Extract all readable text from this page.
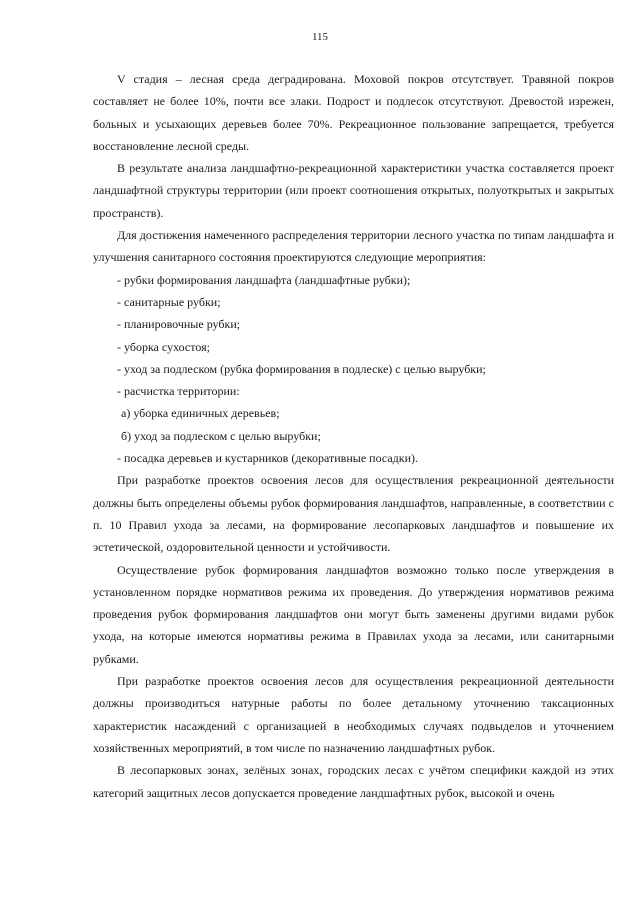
115

V стадия – лесная среда деградирована. Моховой покров отсутствует. Травяной покров составляет не более 10%, почти все злаки. Подрост и подлесок отсутствуют. Древостой изрежен, больных и усыхающих деревьев более 70%. Рекреационное пользование запрещается, требуется восстановление лесной среды.

В результате анализа ландшафтно-рекреационной характеристики участка составляется проект ландшафтной структуры территории (или проект соотношения открытых, полуоткрытых и закрытых пространств).

Для достижения намеченного распределения территории лесного участка по типам ландшафта и улучшения санитарного состояния проектируются следующие мероприятия:

- рубки формирования ландшафта (ландшафтные рубки);

- санитарные рубки;

- планировочные рубки;

- уборка сухостоя;

- уход за подлеском (рубка формирования в подлеске) с целью вырубки;

- расчистка территории:

а) уборка единичных деревьев;

б) уход за подлеском с целью вырубки;

- посадка деревьев и кустарников (декоративные посадки).

При разработке проектов освоения лесов для осуществления рекреационной деятельности должны быть определены объемы рубок формирования ландшафтов, направленные, в соответствии с п. 10 Правил ухода за лесами, на формирование лесопарковых ландшафтов и повышение их эстетической, оздоровительной ценности и устойчивости.

Осуществление рубок формирования ландшафтов возможно только после утверждения в установленном порядке нормативов режима их проведения. До утверждения нормативов режима проведения рубок формирования ландшафтов они могут быть заменены другими видами рубок ухода, на которые имеются нормативы режима в Правилах ухода за лесами, или санитарными рубками.

При разработке проектов освоения лесов для осуществления рекреационной деятельности должны производиться натурные работы по более детальному уточнению таксационных характеристик насаждений с организацией в необходимых случаях подвыделов и уточнением хозяйственных мероприятий, в том числе по назначению ландшафтных рубок.

В лесопарковых зонах, зелёных зонах, городских лесах с учётом специфики каждой из этих категорий защитных лесов допускается проведение ландшафтных рубок, высокой и очень
